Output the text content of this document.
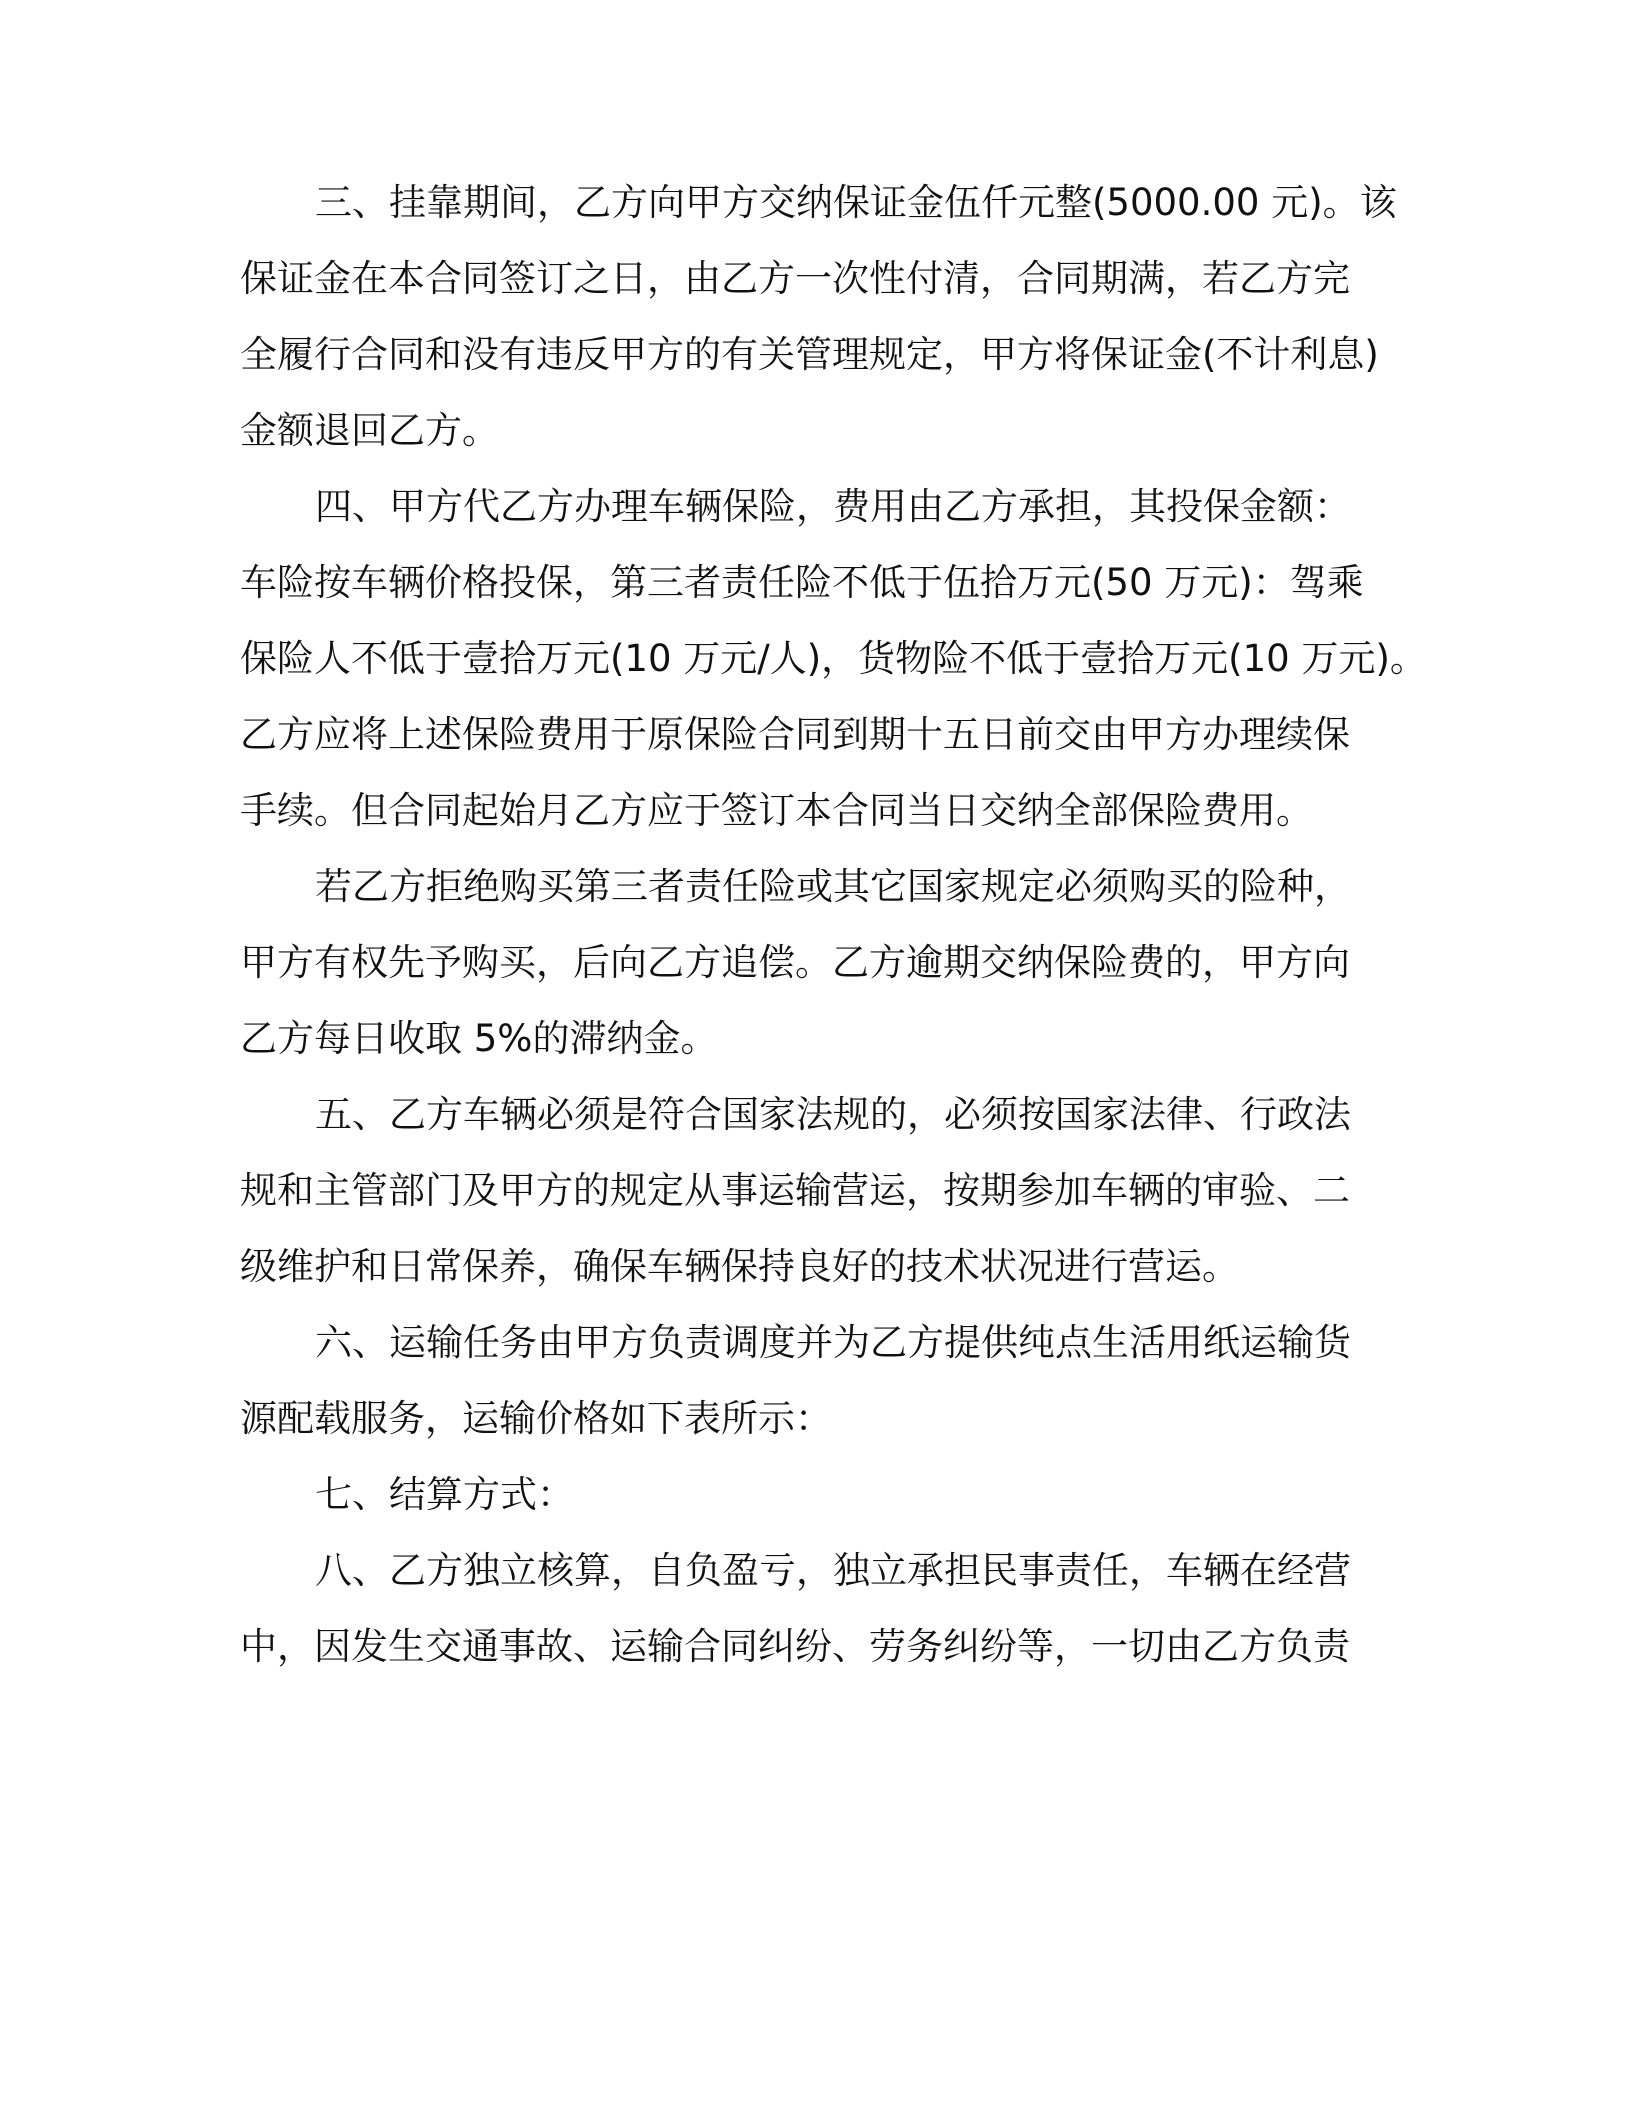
三、挂靠期间，乙方向甲方交纳保证金伍仟元整(5000.00 元)。该
保证金在本合同签订之日，由乙方一次性付清，合同期满，若乙方完
全履行合同和没有违反甲方的有关管理规定，甲方将保证金(不计利息)
金额退回乙方。
四、甲方代乙方办理车辆保险，费用由乙方承担，其投保金额：
车险按车辆价格投保，第三者责任险不低于伍拾万元(50 万元)：驾乘
保险人不低于壹拾万元(10 万元/人)，货物险不低于壹拾万元(10 万元)。
乙方应将上述保险费用于原保险合同到期十五日前交由甲方办理续保
手续。但合同起始月乙方应于签订本合同当日交纳全部保险费用。
若乙方拒绝购买第三者责任险或其它国家规定必须购买的险种，
甲方有权先予购买，后向乙方追偿。乙方逾期交纳保险费的，甲方向
乙方每日收取 5%的滞纳金。
五、乙方车辆必须是符合国家法规的，必须按国家法律、行政法
规和主管部门及甲方的规定从事运输营运，按期参加车辆的审验、二
级维护和日常保养，确保车辆保持良好的技术状况进行营运。
六、运输任务由甲方负责调度并为乙方提供纯点生活用纸运输货
源配载服务，运输价格如下表所示：
七、结算方式：
八、乙方独立核算，自负盈亏，独立承担民事责任，车辆在经营
中，因发生交通事故、运输合同纠纷、劳务纠纷等，一切由乙方负责
